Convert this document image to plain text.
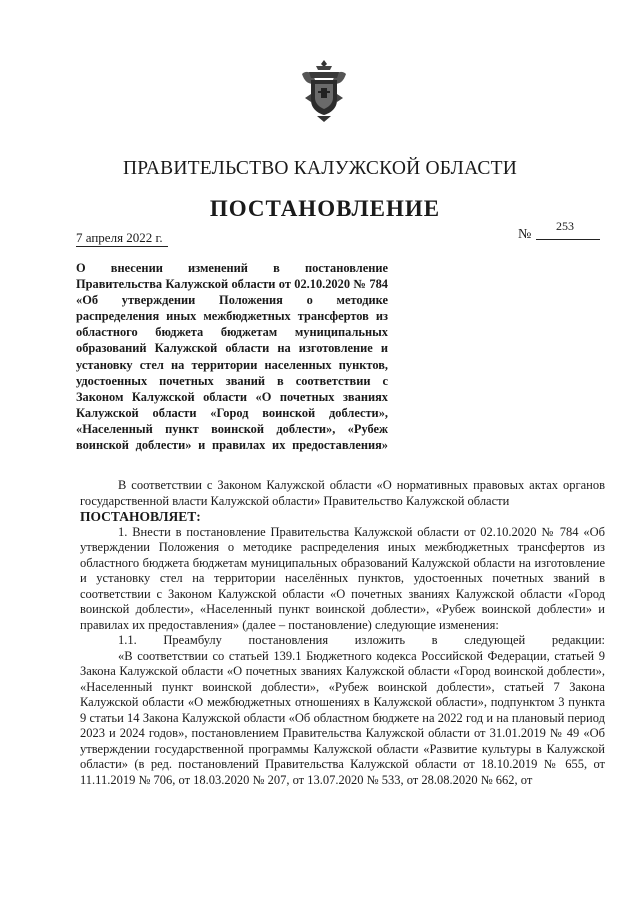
ПРАВИТЕЛЬСТВО КАЛУЖСКОЙ ОБЛАСТИ
ПОСТАНОВЛЕНИЕ
7 апреля 2022 г.	№
253
О внесении изменений в постановление Правительства Калужской области от 02.10.2020 № 784 «Об утверждении Положения о методике распределения иных межбюджетных трансфертов из областного бюджета бюджетам муниципальных образований Калужской области на изготовление и установку стел на территории населенных пунктов, удостоенных почетных званий в соответствии с Законом Калужской области «О почетных званиях Калужской области «Город воинской доблести», «Населенный пункт воинской доблести», «Рубеж воинской доблести» и правилах их предоставления»

В соответствии с Законом Калужской области «О нормативных правовых актах органов государственной власти Калужской области» Правительство Калужской области

ПОСТАНОВЛЯЕТ:

1. Внести в постановление Правительства Калужской области от 02.10.2020 № 784 «Об утверждении Положения о методике распределения иных межбюджетных трансфертов из областного бюджета бюджетам муниципальных образований Калужской области на изготовление и установку стел на территории населённых пунктов, удостоенных почетных званий в соответствии с Законом Калужской области «О почетных званиях Калужской области «Город воинской доблести», «Населенный пункт воинской доблести», «Рубеж воинской доблести» и правилах их предоставления» (далее – постановление) следующие изменения:

1.1. Преамбулу постановления изложить в следующей редакции:

«В соответствии со статьей 139.1 Бюджетного кодекса Российской Федерации, статьей 9 Закона Калужской области «О почетных званиях Калужской области «Город воинской доблести», «Населенный пункт воинской доблести», «Рубеж воинской доблести», статьей 7 Закона Калужской области «О межбюджетных отношениях в Калужской области», подпунктом 3 пункта 9 статьи 14 Закона Калужской области «Об областном бюджете на 2022 год и на плановый период 2023 и 2024 годов», постановлением Правительства Калужской области от 31.01.2019 № 49 «Об утверждении государственной программы Калужской области «Развитие культуры в Калужской области» (в ред. постановлений Правительства Калужской области от 18.10.2019 № 655, от 11.11.2019 № 706, от 18.03.2020 № 207, от 13.07.2020 № 533, от 28.08.2020 № 662, от
